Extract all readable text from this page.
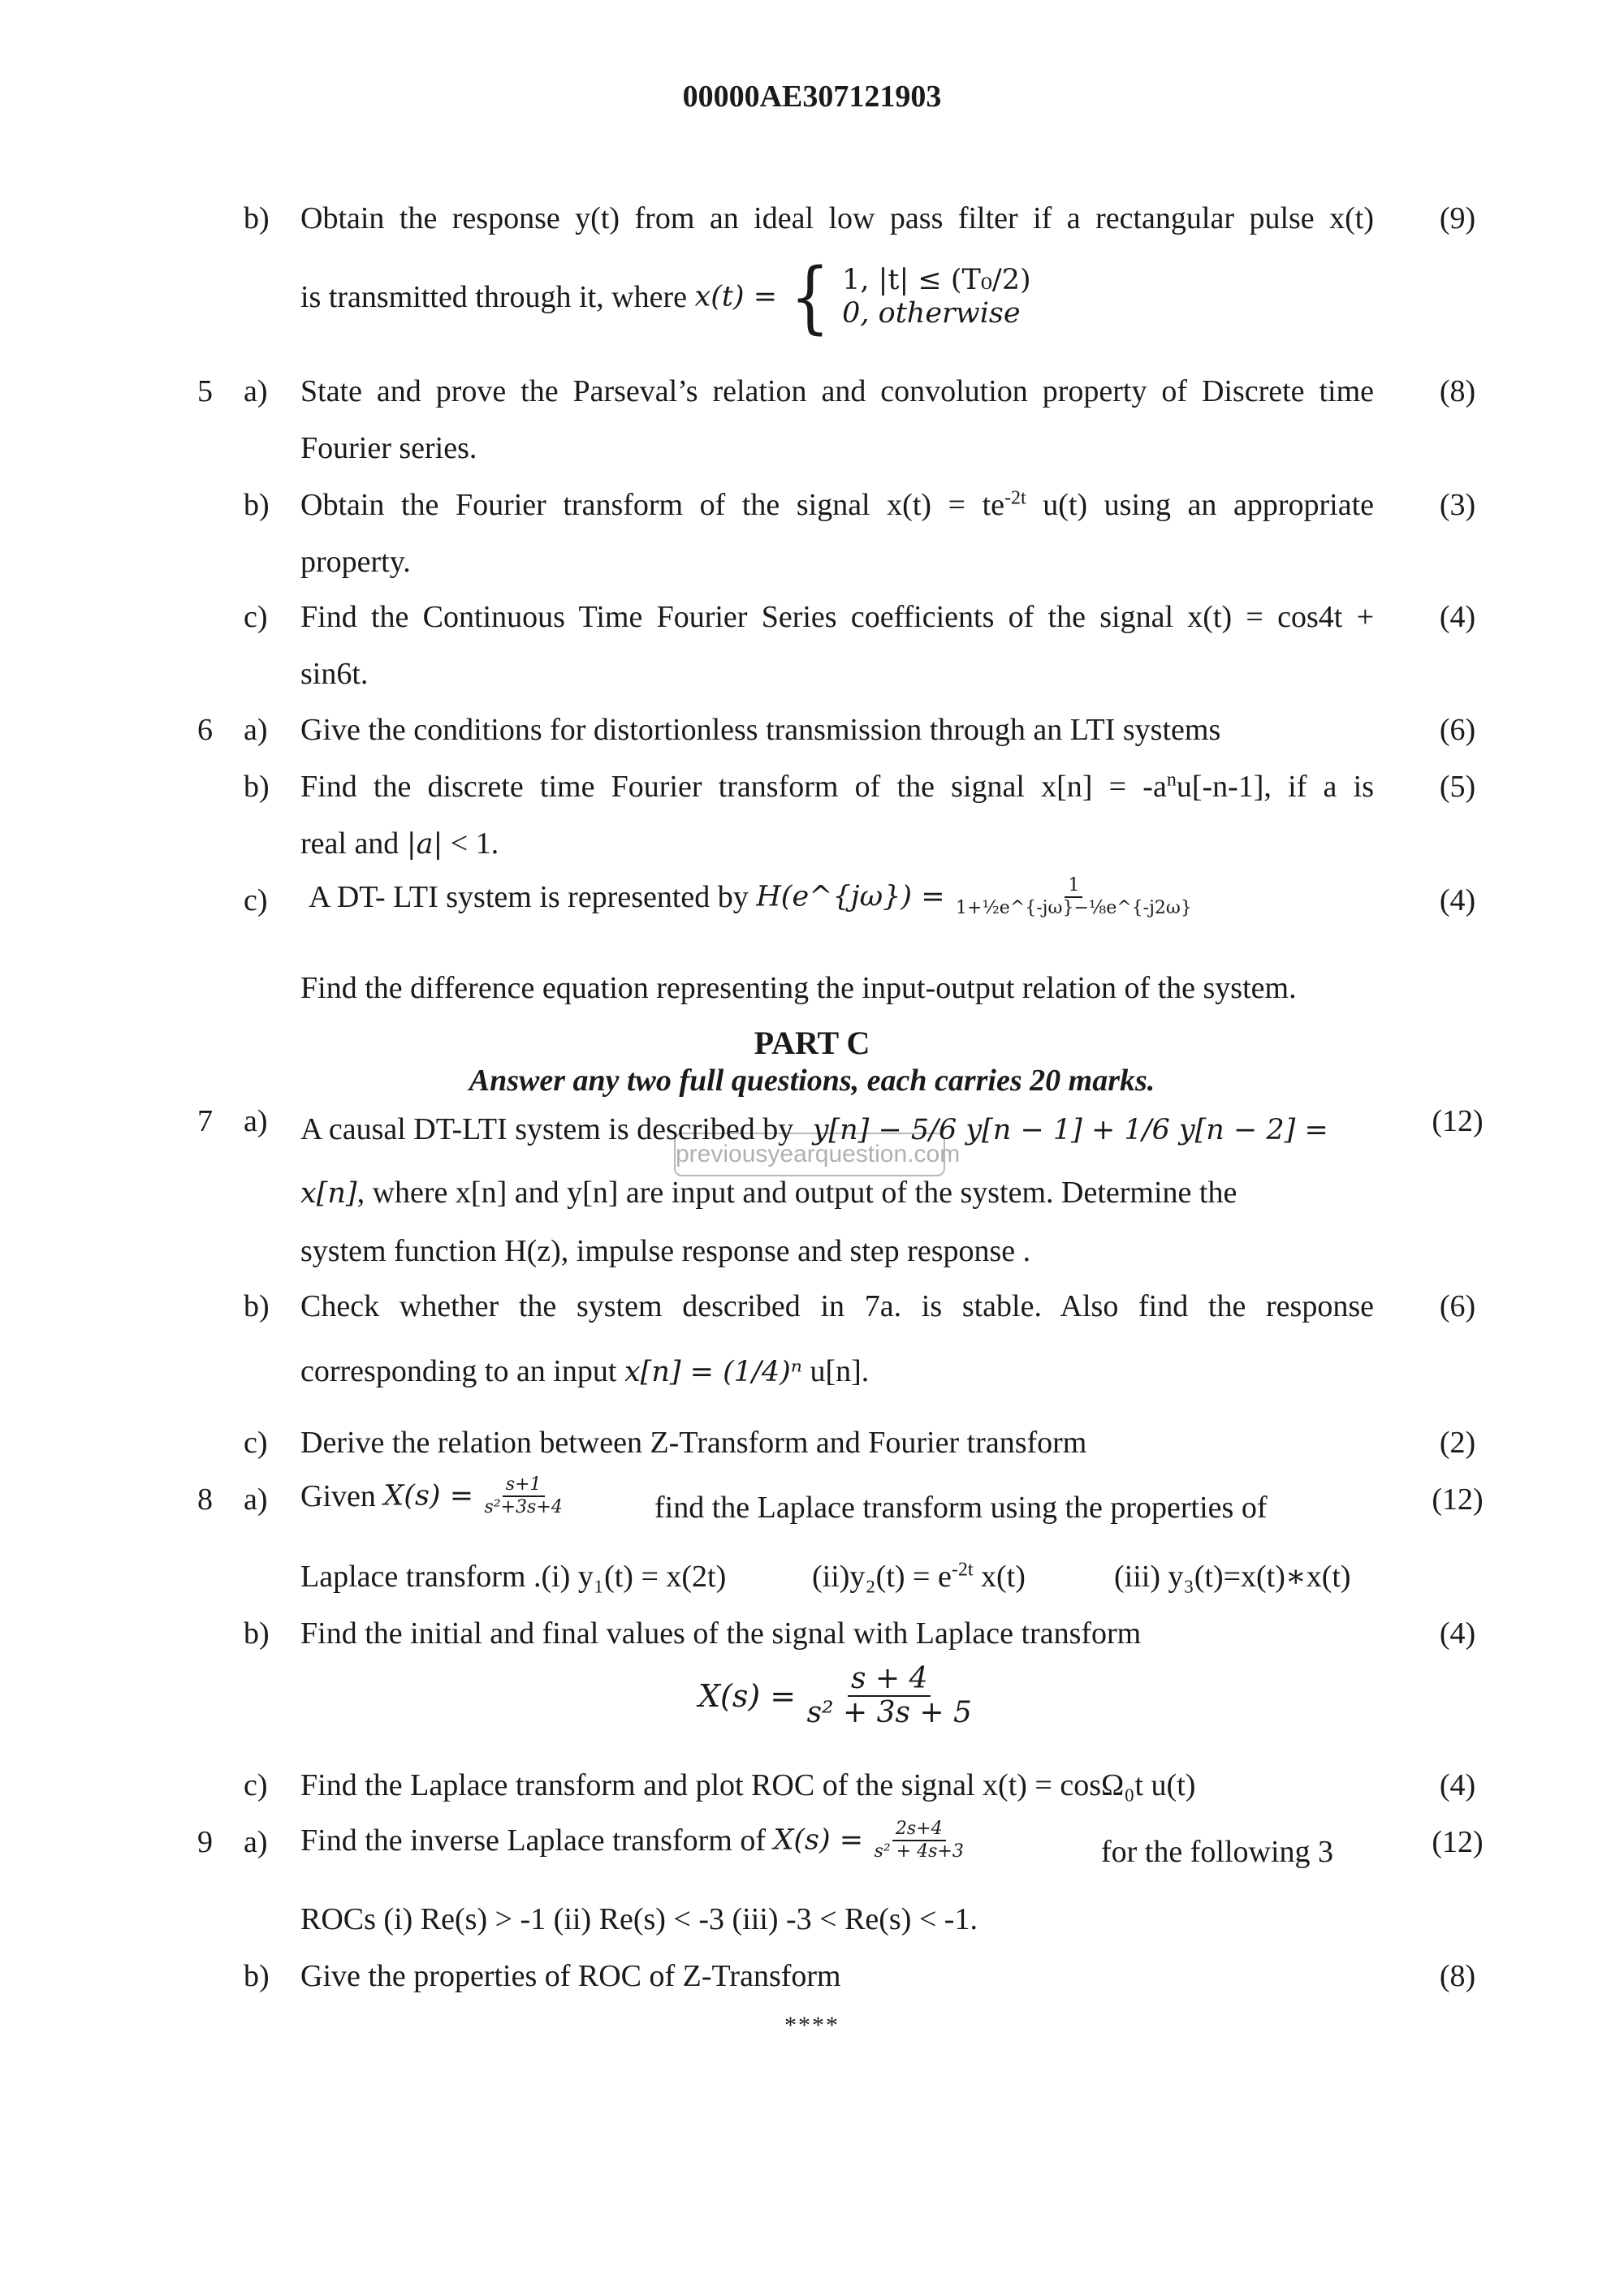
00000AE307121903
b) Obtain the response y(t) from an ideal low pass filter if a rectangular pulse x(t)	(9)
is transmitted through it, where x(t) = { 1, |t| ≤ (T₀/2)
0, otherwise
5 a) State and prove the Parseval’s relation and convolution property of Discrete time	(8)
Fourier series.
b) Obtain the Fourier transform of the signal $x(t) = te^{-2t}$ u(t) using an appropriate	(3)
property.
c) Find the Continuous Time Fourier Series coefficients of the signal x(t) = cos4t +	(4)
sin6t.
6 a) Give the conditions for distortionless transmission through an LTI systems	(6)
b) Find the discrete time Fourier transform of the signal $x[n] = -a^nu[-n-1]$, if a is	(5)
real and |a| < 1.
c)	(4)
A DT- LTI system is represented by H(e^{jω}) = $\frac{1}{\text{1+½e\textasciicircum{}\{-jω\}−⅛e\textasciicircum{}\{-j2ω\}}}$
Find the difference equation representing the input-output relation of the system.
PART C
Answer any two full questions, each carries 20 marks.
previousyearquestion.com
7 a) A causal DT-LTI system is described by y[n] − 5/6 y[n − 1] + 1/6 y[n − 2] =	(12)
x[n], where x[n] and y[n] are input and output of the system. Determine the
system function H(z), impulse response and step response .
b) Check whether the system described in 7a. is stable. Also find the response	(6)
corresponding to an input x[n] = (1/4)ⁿ u[n].
c) Derive the relation between Z-Transform and Fourier transform	(2)
8 a)	(12)
Given $X(s) = \frac{s+1}{\text{s²+3s+4}}$	find the Laplace transform using the properties of
Laplace transform .(i) y₁(t) = x(2t)	$(ii)y_2(t) = e^{-2t}$ x(t)	(iii) y₃(t)=x(t)∗x(t)
b) Find the initial and final values of the signal with Laplace transform	(4)
$X(s) = \frac{s + 4}{\text{s² + 3s + 5}}$
c) Find the Laplace transform and plot ROC of the signal x(t) = cosΩ₀t u(t)	(4)
9 a)	(12)
Find the inverse Laplace transform of $X(s) = \frac{2s+4}{\text{s² + 4s+3}}$	for the following 3
ROCs (i) Re(s) > -1 (ii) Re(s) < -3 (iii) -3 < Re(s) < -1.
b) Give the properties of ROC of Z-Transform	(8)
****
